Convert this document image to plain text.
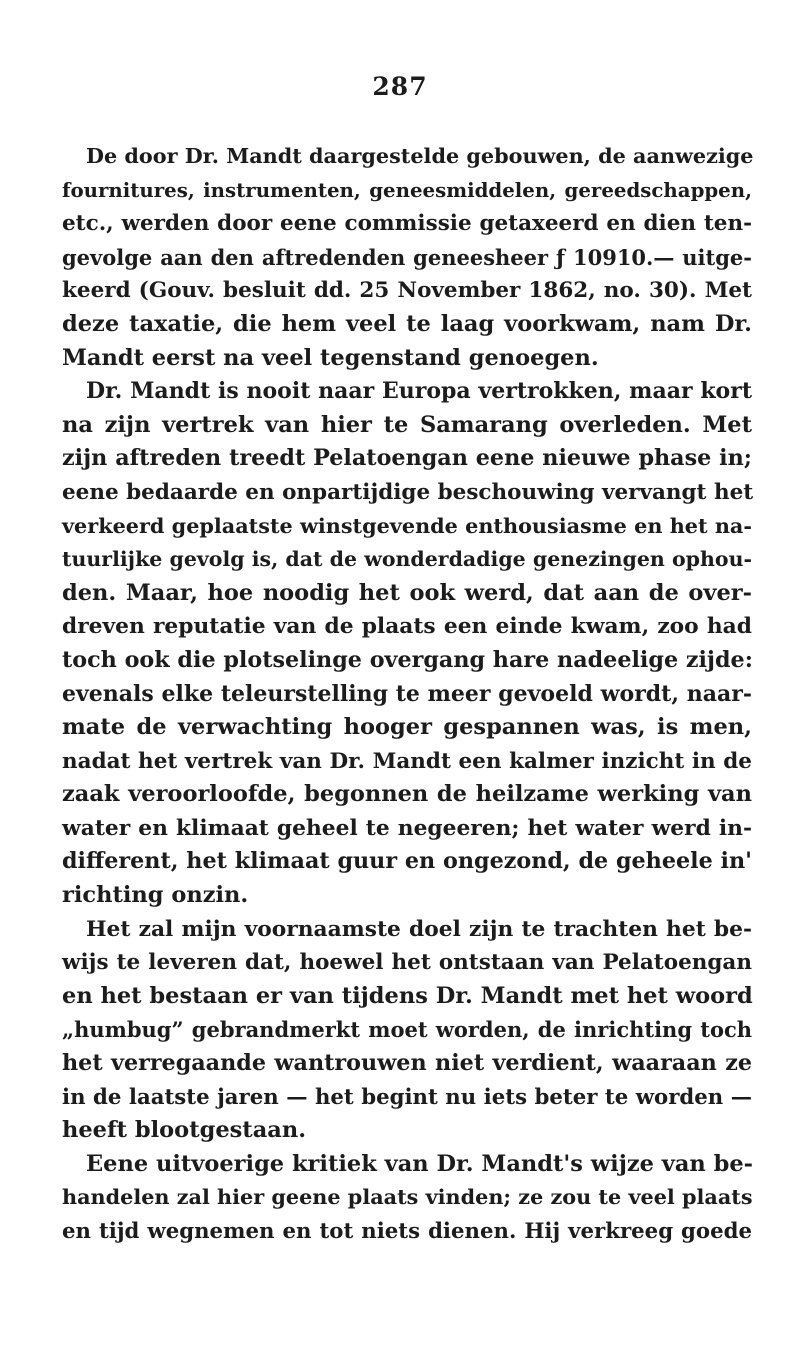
287
De door Dr. Mandt daargestelde gebouwen, de aanwezige
fournitures, instrumenten, geneesmiddelen, gereedschappen,
etc., werden door eene commissie getaxeerd en dien ten-
gevolge aan den aftredenden geneesheer ƒ 10910.— uitge-
keerd (Gouv. besluit dd. 25 November 1862, no. 30). Met
deze taxatie, die hem veel te laag voorkwam, nam Dr.
Mandt eerst na veel tegenstand genoegen.
Dr. Mandt is nooit naar Europa vertrokken, maar kort
na zijn vertrek van hier te Samarang overleden. Met
zijn aftreden treedt Pelatoengan eene nieuwe phase in;
eene bedaarde en onpartijdige beschouwing vervangt het
verkeerd geplaatste winstgevende enthousiasme en het na-
tuurlijke gevolg is, dat de wonderdadige genezingen ophou-
den. Maar, hoe noodig het ook werd, dat aan de over-
dreven reputatie van de plaats een einde kwam, zoo had
toch ook die plotselinge overgang hare nadeelige zijde:
evenals elke teleurstelling te meer gevoeld wordt, naar-
mate de verwachting hooger gespannen was, is men,
nadat het vertrek van Dr. Mandt een kalmer inzicht in de
zaak veroorloofde, begonnen de heilzame werking van
water en klimaat geheel te negeeren; het water werd in-
different, het klimaat guur en ongezond, de geheele in'
richting onzin.
Het zal mijn voornaamste doel zijn te trachten het be-
wijs te leveren dat, hoewel het ontstaan van Pelatoengan
en het bestaan er van tijdens Dr. Mandt met het woord
„humbug” gebrandmerkt moet worden, de inrichting toch
het verregaande wantrouwen niet verdient, waaraan ze
in de laatste jaren — het begint nu iets beter te worden —
heeft blootgestaan.
Eene uitvoerige kritiek van Dr. Mandt's wijze van be-
handelen zal hier geene plaats vinden; ze zou te veel plaats
en tijd wegnemen en tot niets dienen. Hij verkreeg goede
